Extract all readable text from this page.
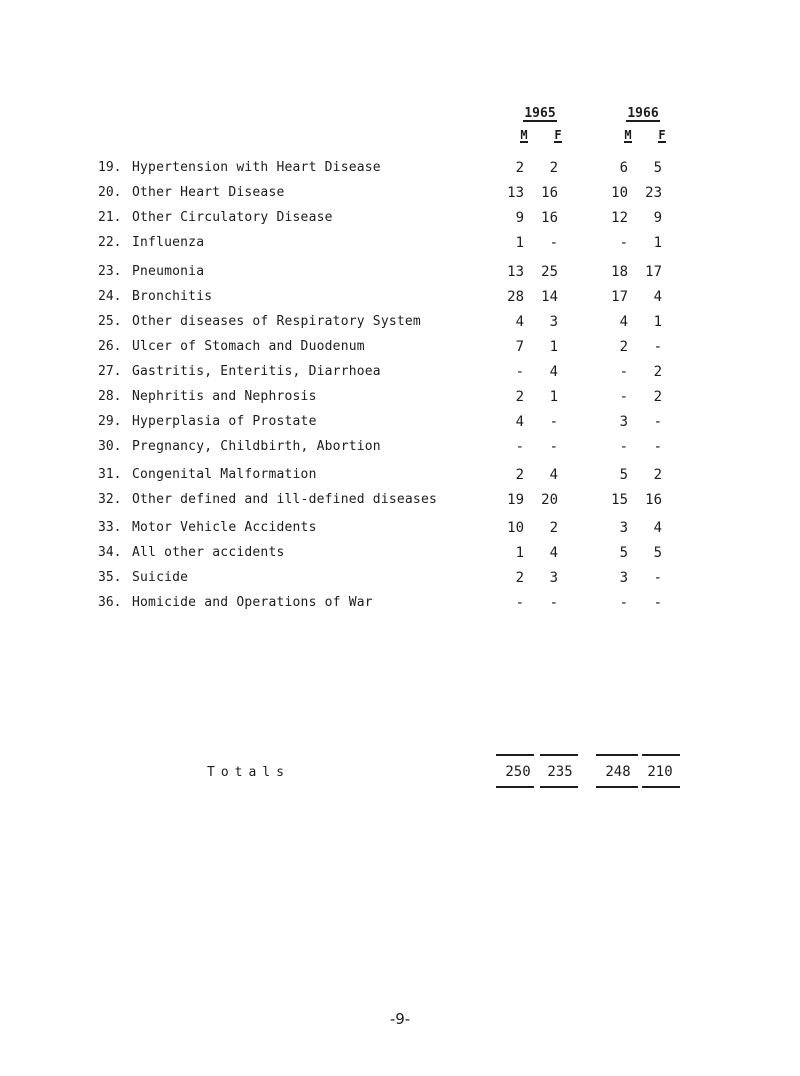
1965	1966
M	F	M	F
19. Hypertension with Heart Disease	2	2	6	5
20. Other Heart Disease	13	16	10	23
21. Other Circulatory Disease	9	16	12	9
22. Influenza	1	-	-	1
23. Pneumonia	13	25	18	17
24. Bronchitis	28	14	17	4
25. Other diseases of Respiratory System	4	3	4	1
26. Ulcer of Stomach and Duodenum	7	1	2	-
27. Gastritis, Enteritis, Diarrhoea	-	4	-	2
28. Nephritis and Nephrosis	2	1	-	2
29. Hyperplasia of Prostate	4	-	3	-
30. Pregnancy, Childbirth, Abortion	-	-	-	-
31. Congenital Malformation	2	4	5	2
32. Other defined and ill-defined diseases	19	20	15	16
33. Motor Vehicle Accidents	10	2	3	4
34. All other accidents	1	4	5	5
35. Suicide	2	3	3	-
36. Homicide and Operations of War	-	-	-	-
Totals	250	235	248	210
-9-
